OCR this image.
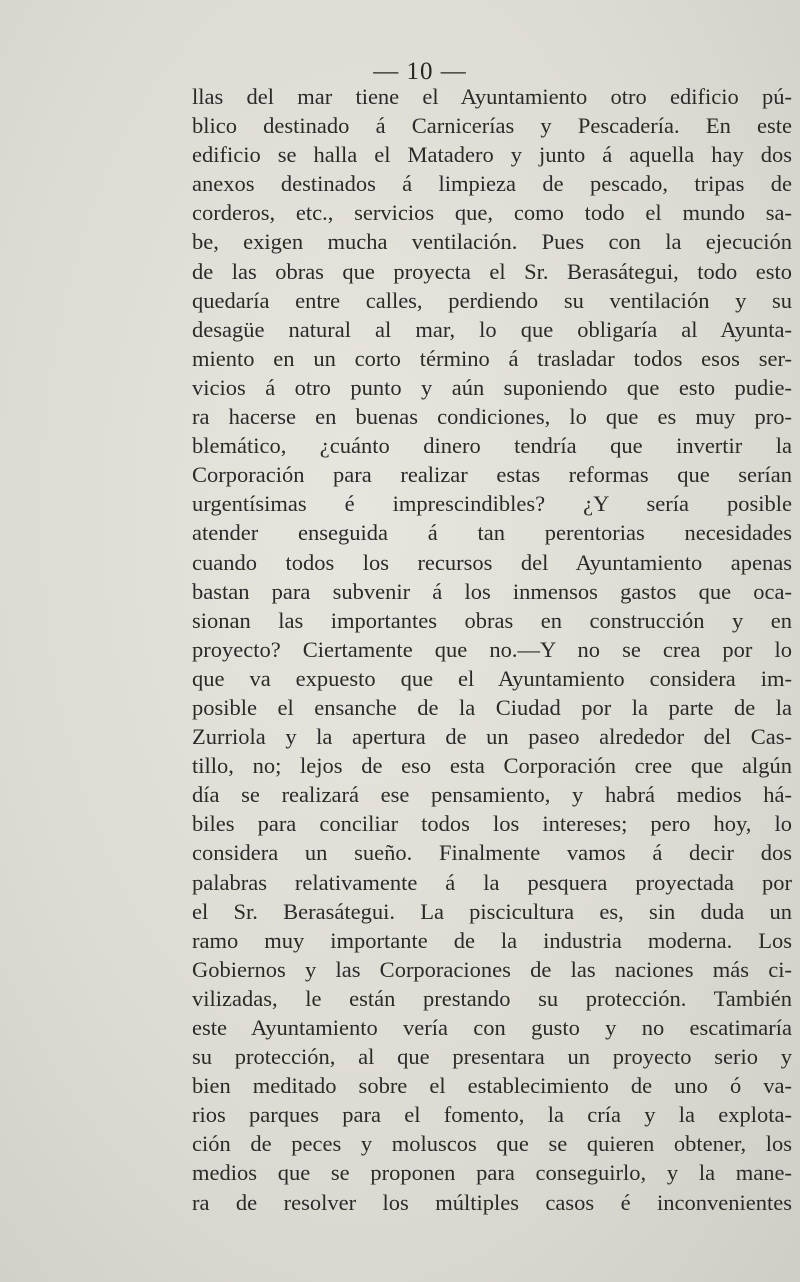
— 10 —
llas del mar tiene el Ayuntamiento otro edificio pú-
blico destinado á Carnicerías y Pescadería. En este
edificio se halla el Matadero y junto á aquella hay dos
anexos destinados á limpieza de pescado, tripas de
corderos, etc., servicios que, como todo el mundo sa-
be, exigen mucha ventilación. Pues con la ejecución
de las obras que proyecta el Sr. Berasátegui, todo esto
quedaría entre calles, perdiendo su ventilación y su
desagüe natural al mar, lo que obligaría al Ayunta-
miento en un corto término á trasladar todos esos ser-
vicios á otro punto y aún suponiendo que esto pudie-
ra hacerse en buenas condiciones, lo que es muy pro-
blemático, ¿cuánto dinero tendría que invertir la
Corporación para realizar estas reformas que serían
urgentísimas é imprescindibles? ¿Y sería posible
atender enseguida á tan perentorias necesidades
cuando todos los recursos del Ayuntamiento apenas
bastan para subvenir á los inmensos gastos que oca-
sionan las importantes obras en construcción y en
proyecto? Ciertamente que no.—Y no se crea por lo
que va expuesto que el Ayuntamiento considera im-
posible el ensanche de la Ciudad por la parte de la
Zurriola y la apertura de un paseo alrededor del Cas-
tillo, no; lejos de eso esta Corporación cree que algún
día se realizará ese pensamiento, y habrá medios há-
biles para conciliar todos los intereses; pero hoy, lo
considera un sueño. Finalmente vamos á decir dos
palabras relativamente á la pesquera proyectada por
el Sr. Berasátegui. La piscicultura es, sin duda un
ramo muy importante de la industria moderna. Los
Gobiernos y las Corporaciones de las naciones más ci-
vilizadas, le están prestando su protección. También
este Ayuntamiento vería con gusto y no escatimaría
su protección, al que presentara un proyecto serio y
bien meditado sobre el establecimiento de uno ó va-
rios parques para el fomento, la cría y la explota-
ción de peces y moluscos que se quieren obtener, los
medios que se proponen para conseguirlo, y la mane-
ra de resolver los múltiples casos é inconvenientes
